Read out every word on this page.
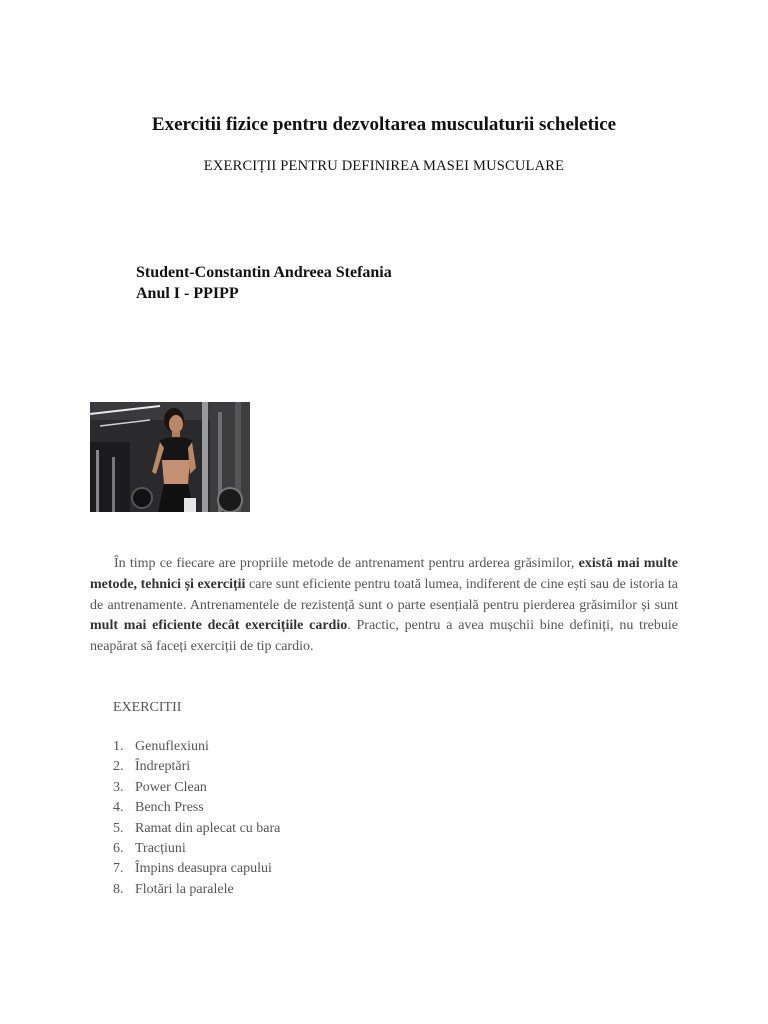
Exercitii fizice pentru dezvoltarea musculaturii scheletice
EXERCIȚII PENTRU DEFINIREA MASEI MUSCULARE
Student-Constantin Andreea Stefania
Anul I - PPIPP
În timp ce fiecare are propriile metode de antrenament pentru arderea grăsimilor, există mai multe metode, tehnici și exerciții care sunt eficiente pentru toată lumea, indiferent de cine ești sau de istoria ta de antrenamente. Antrenamentele de rezistență sunt o parte esențială pentru pierderea grăsimilor și sunt mult mai eficiente decât exercițiile cardio. Practic, pentru a avea mușchii bine definiți, nu trebuie neapărat să faceți exerciții de tip cardio.
EXERCITII
1. Genuflexiuni
2. Îndreptări
3. Power Clean
4. Bench Press
5. Ramat din aplecat cu bara
6. Tracțiuni
7. Împins deasupra capului
8. Flotări la paralele
